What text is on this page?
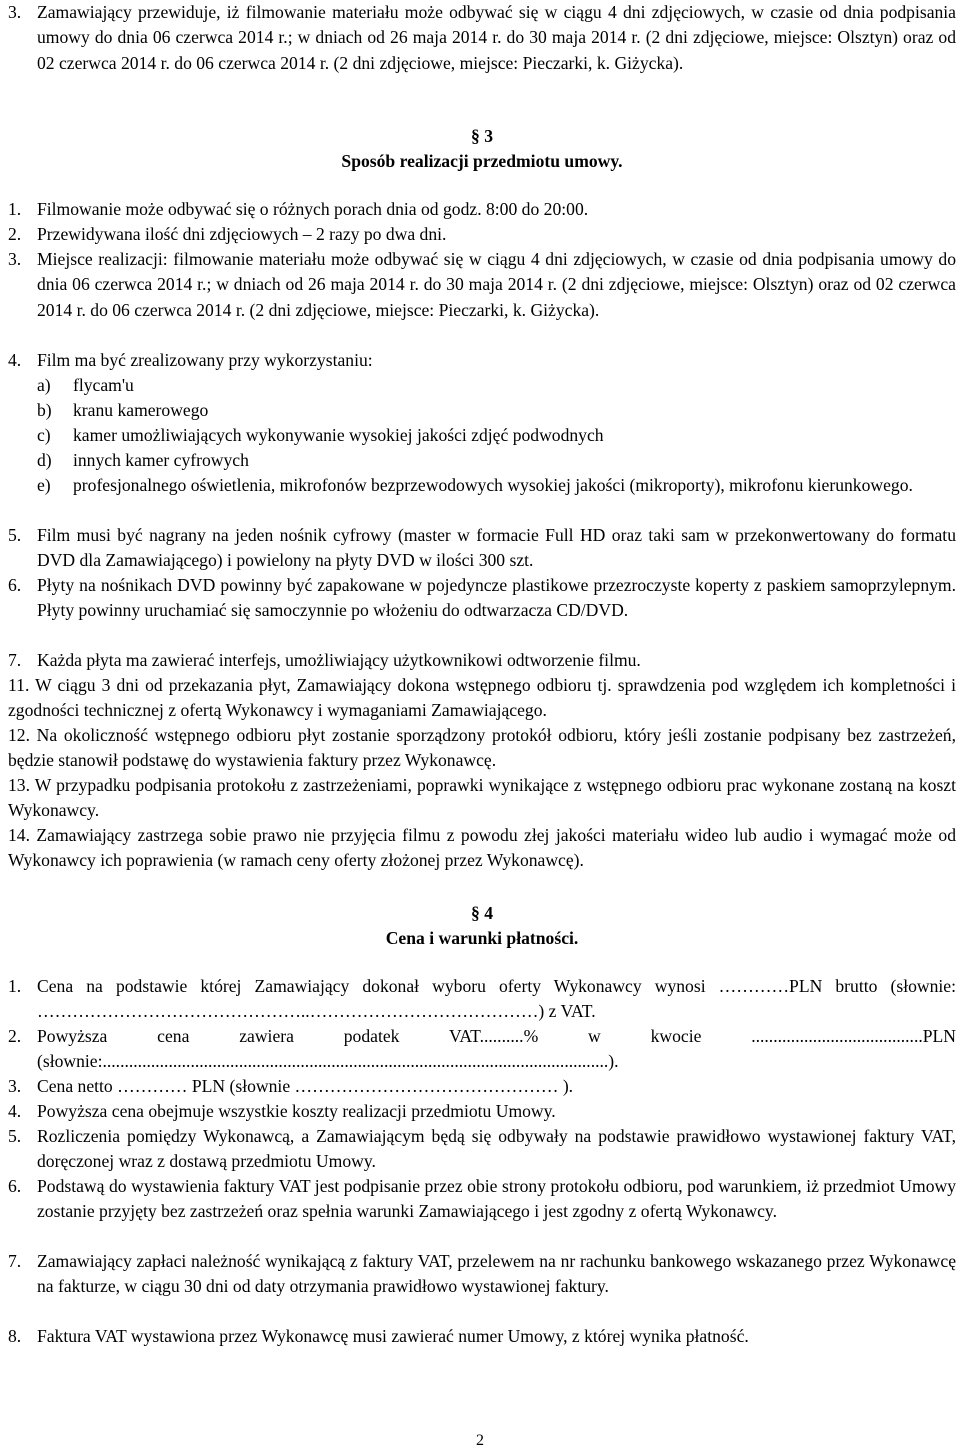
3. Zamawiający przewiduje, iż filmowanie materiału może odbywać się w ciągu 4 dni zdjęciowych, w czasie od dnia podpisania umowy do dnia 06 czerwca 2014 r.; w dniach od 26 maja 2014 r. do 30 maja 2014 r. (2 dni zdjęciowe, miejsce: Olsztyn) oraz od 02 czerwca 2014 r. do 06 czerwca 2014 r. (2 dni zdjęciowe, miejsce: Pieczarki, k. Giżycka).
§ 3
Sposób realizacji przedmiotu umowy.
1. Filmowanie może odbywać się o różnych porach dnia od godz. 8:00 do 20:00.
2. Przewidywana ilość dni zdjęciowych – 2 razy po dwa dni.
3. Miejsce realizacji: filmowanie materiału może odbywać się w ciągu 4 dni zdjęciowych, w czasie od dnia podpisania umowy do dnia 06 czerwca 2014 r.; w dniach od 26 maja 2014 r. do 30 maja 2014 r. (2 dni zdjęciowe, miejsce: Olsztyn) oraz od 02 czerwca 2014 r. do 06 czerwca 2014 r. (2 dni zdjęciowe, miejsce: Pieczarki, k. Giżycka).
4. Film ma być zrealizowany przy wykorzystaniu:
a)	flycam'u
b)	kranu kamerowego
c)	kamer umożliwiających wykonywanie wysokiej jakości zdjęć podwodnych
d)	innych kamer cyfrowych
e)	profesjonalnego oświetlenia, mikrofonów bezprzewodowych wysokiej jakości (mikroporty), mikrofonu kierunkowego.
5. Film musi być nagrany na jeden nośnik cyfrowy (master w formacie Full HD oraz taki sam w przekonwertowany do formatu DVD dla Zamawiającego) i powielony na płyty DVD w ilości 300 szt.
6. Płyty na nośnikach DVD powinny być zapakowane w pojedyncze plastikowe przezroczyste koperty z paskiem samoprzylepnym. Płyty powinny uruchamiać się samoczynnie po włożeniu do odtwarzacza CD/DVD.
7. Każda płyta ma zawierać interfejs, umożliwiający użytkownikowi odtworzenie filmu.
11. W ciągu 3 dni od przekazania płyt, Zamawiający dokona wstępnego odbioru tj. sprawdzenia pod względem ich kompletności i zgodności technicznej z ofertą Wykonawcy i wymaganiami Zamawiającego.
12. Na okoliczność wstępnego odbioru płyt zostanie sporządzony protokół odbioru, który jeśli zostanie podpisany bez zastrzeżeń, będzie stanowił podstawę do wystawienia faktury przez Wykonawcę.
13. W przypadku podpisania protokołu z zastrzeżeniami, poprawki wynikające z wstępnego odbioru prac wykonane zostaną na koszt Wykonawcy.
14. Zamawiający zastrzega sobie prawo nie przyjęcia filmu z powodu złej jakości materiału wideo lub audio i wymagać może od Wykonawcy ich poprawienia (w ramach ceny oferty złożonej przez Wykonawcę).
§ 4
Cena i warunki płatności.
1. Cena na podstawie której Zamawiający dokonał wyboru oferty Wykonawcy wynosi …………PLN brutto (słownie: ………………………………………..…………………………………) z VAT.
2. Powyższa cena zawiera podatek VAT..........% w kwocie .......................................PLN (słownie:...................................................................................................................).
3. Cena netto ………… PLN (słownie ……………………………………… ).
4. Powyższa cena obejmuje wszystkie koszty realizacji przedmiotu Umowy.
5. Rozliczenia pomiędzy Wykonawcą, a Zamawiającym będą się odbywały na podstawie prawidłowo wystawionej faktury VAT, doręczonej wraz z dostawą przedmiotu Umowy.
6. Podstawą do wystawienia faktury VAT jest podpisanie przez obie strony protokołu odbioru, pod warunkiem, iż przedmiot Umowy zostanie przyjęty bez zastrzeżeń oraz spełnia warunki Zamawiającego i jest zgodny z ofertą Wykonawcy.
7. Zamawiający zapłaci należność wynikającą z faktury VAT, przelewem na nr rachunku bankowego wskazanego przez Wykonawcę na fakturze, w ciągu 30 dni od daty otrzymania prawidłowo wystawionej faktury.
8. Faktura VAT wystawiona przez Wykonawcę musi zawierać numer Umowy, z której wynika płatność.
2
